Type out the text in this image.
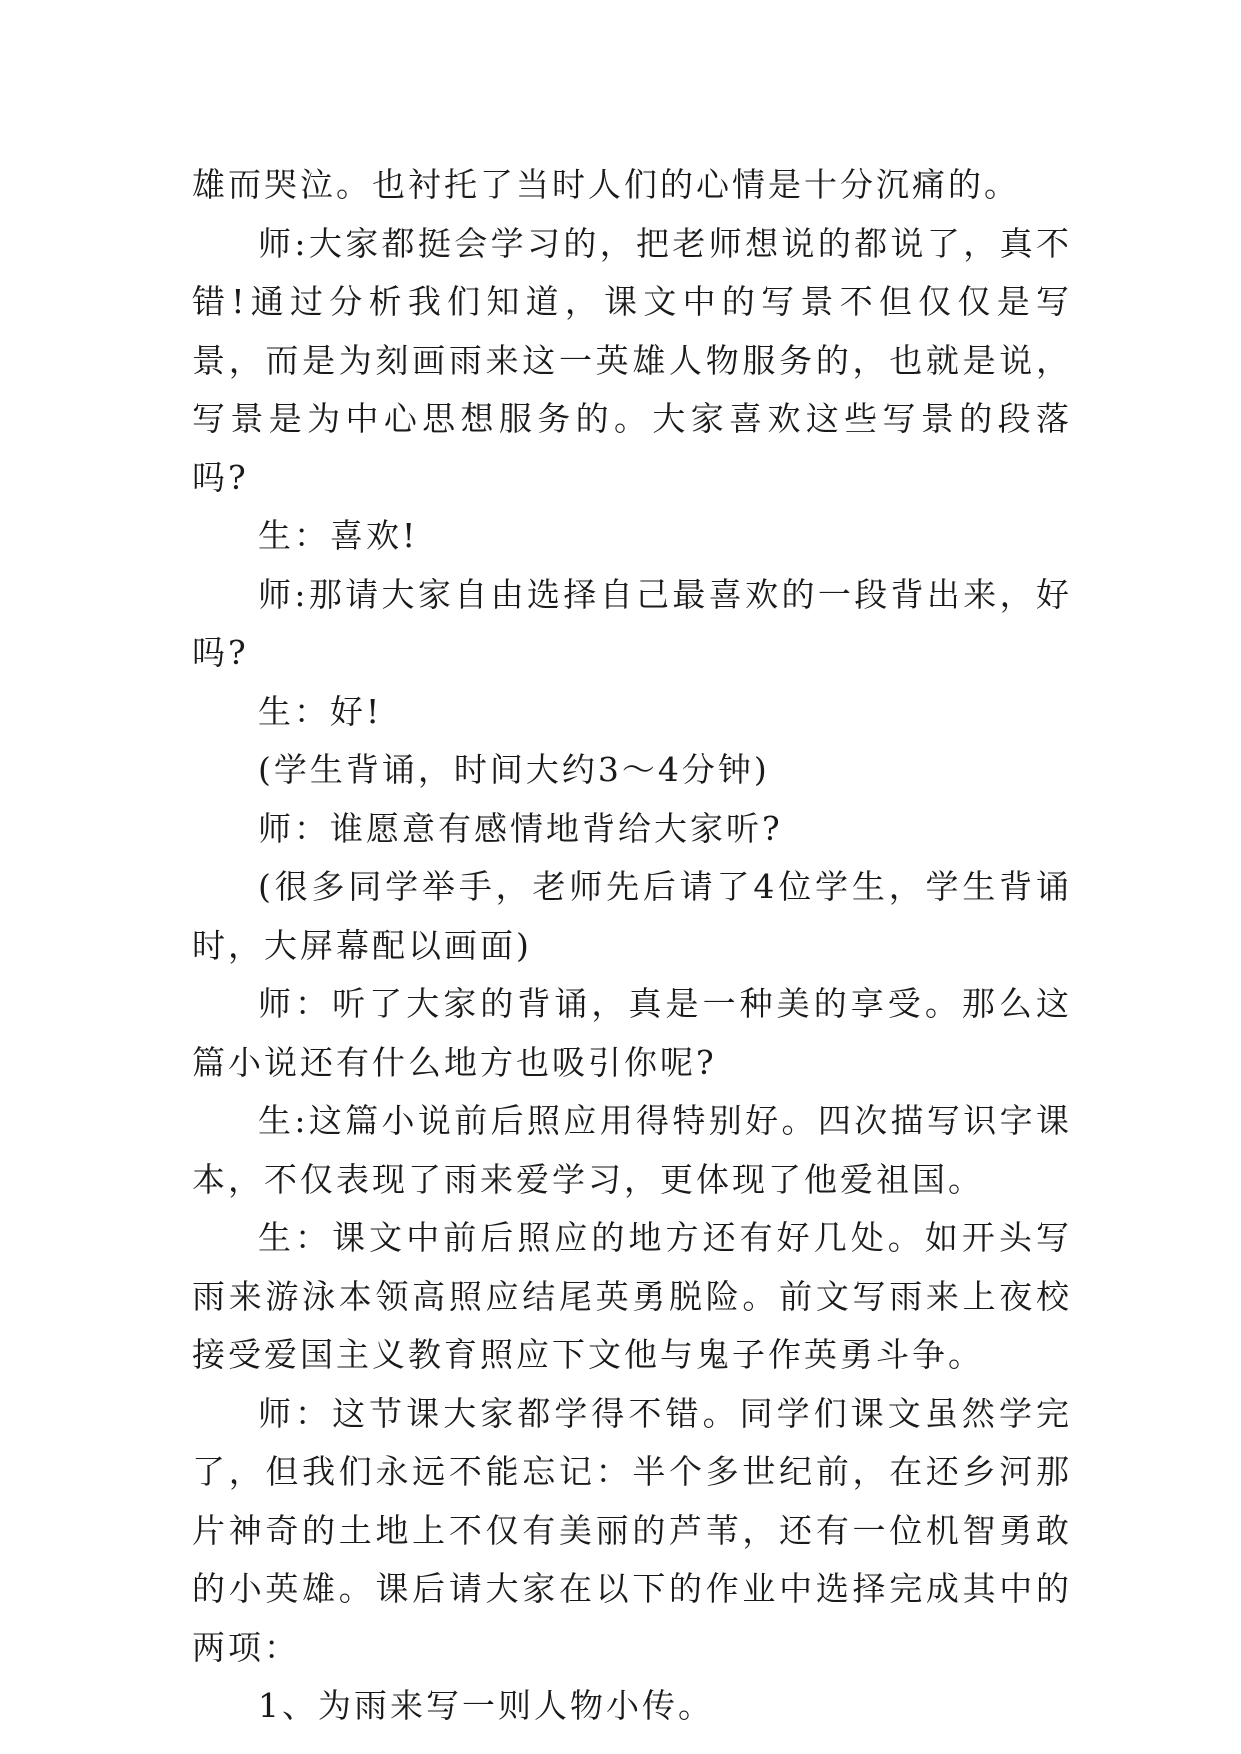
雄而哭泣。也衬托了当时人们的心情是十分沉痛的。

师:大家都挺会学习的，把老师想说的都说了，真不错!通过分析我们知道，课文中的写景不但仅仅是写景，而是为刻画雨来这一英雄人物服务的，也就是说，写景是为中心思想服务的。大家喜欢这些写景的段落吗?

生：喜欢!

师:那请大家自由选择自己最喜欢的一段背出来，好吗?

生：好!

(学生背诵，时间大约3～4分钟)

师：谁愿意有感情地背给大家听?

(很多同学举手，老师先后请了4位学生，学生背诵时，大屏幕配以画面)

师：听了大家的背诵，真是一种美的享受。那么这篇小说还有什么地方也吸引你呢?

生:这篇小说前后照应用得特别好。四次描写识字课本，不仅表现了雨来爱学习，更体现了他爱祖国。

生：课文中前后照应的地方还有好几处。如开头写雨来游泳本领高照应结尾英勇脱险。前文写雨来上夜校接受爱国主义教育照应下文他与鬼子作英勇斗争。

师：这节课大家都学得不错。同学们课文虽然学完了，但我们永远不能忘记：半个多世纪前，在还乡河那片神奇的土地上不仅有美丽的芦苇，还有一位机智勇敢的小英雄。课后请大家在以下的作业中选择完成其中的两项：

1、为雨来写一则人物小传。
